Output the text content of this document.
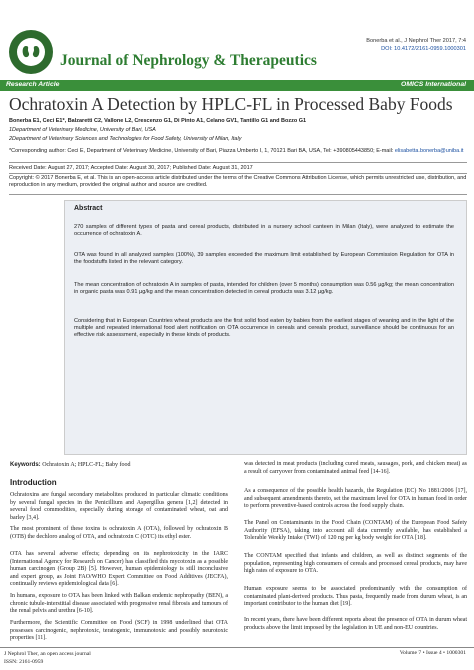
Journal of Nephrology & Therapeutics
Bonerba et al., J Nephrol Ther 2017, 7:4
DOI: 10.4172/2161-0959.1000301
Research Article	OMICS International
Ochratoxin A Detection by HPLC-FL in Processed Baby Foods
Bonerba E1, Ceci E1*, Balzaretti C2, Vallone L2, Crescenzo G1, Di Pinto A1, Celano GV1, Tantillo G1 and Bozzo G1
1Department of Veterinary Medicine, University of Bari, USA
2Department of Veterinary Sciences and Technologies for Food Safety, University of Milan, Italy
*Corresponding author: Ceci E, Department of Veterinary Medicine, University of Bari, Piazza Umberto I, 1, 70121 Bari BA, USA, Tel: +390805443850; E-mail: elisabetta.bonerba@uniba.it
Received Date: August 27, 2017; Accepted Date: August 30, 2017; Published Date: August 31, 2017
Copyright: © 2017 Bonerba E, et al. This is an open-access article distributed under the terms of the Creative Commons Attribution License, which permits unrestricted use, distribution, and reproduction in any medium, provided the original author and source are credited.
Abstract
270 samples of different types of pasta and cereal products, distributed in a nursery school canteen in Milan (Italy), were analyzed to estimate the occurrence of ochratoxin A.
OTA was found in all analyzed samples (100%), 39 samples exceeded the maximum limit established by European Commission Regulation for OTA in the foodstuffs listed in the relevant category.
The mean concentration of ochratoxin A in samples of pasta, intended for children (over 5 months) consumption was 0.56 µg/kg; the mean concentration in organic pasta was 0.91 µg/kg and the mean concentration detected in cereal products was 3.12 µg/kg.
Considering that in European Countries wheat products are the first solid food eaten by babies from the earliest stages of weaning and in the light of the multiple and repeated international food alert notification on OTA occurrence in cereals and cereals product, surveillance should be continuous for an effective risk assessment, especially in these kinds of products.
Keywords: Ochratoxin A; HPLC-FL; Baby food
Introduction
Ochratoxins are fungal secondary metabolites produced in particular climatic conditions by several fungal species in the Penicillium and Aspergillus genera [1,2] detected in several food commodities, especially during storage of contaminated wheat, oat and barley [3,4].
The most prominent of these toxins is ochratoxin A (OTA), followed by ochratoxin B (OTB) the dechloro analog of OTA, and ochratoxin C (OTC) its ethyl ester.
OTA has several adverse effects; depending on its nephrotoxicity in the IARC (International Agency for Research on Cancer) has classified this mycotoxin as a possible human carcinogen (Group 2B) [5]. However, human epidemiology is still inconclusive and expert group, as Joint FAO/WHO Expert Committee on Food Additives (JECFA), continually reviews epidemiological data [6].
In humans, exposure to OTA has been linked with Balkan endemic nephropathy (BEN), a chronic tubule-interstitial disease associated with progressive renal fibrosis and tumours of the renal pelvis and urethra [6-10].
Furthermore, the Scientific Committee on Food (SCF) in 1998 underlined that OTA possesses carcinogenic, nephrotoxic, teratogenic, immunotoxic and possibly neurotoxic properties [11].
was detected in meat products (including cured meats, sausages, pork, and chicken meat) as a result of carryover from contaminated animal feed [14-16].
As a consequence of the possible health hazards, the Regulation (EC) No 1881/2006 [17], and subsequent amendments thereto, set the maximum level for OTA in human food in order to perform preventive-based controls across the food supply chain.
The Panel on Contaminants in the Food Chain (CONTAM) of the European Food Safety Authority (EFSA), taking into account all data currently available, has established a Tolerable Weekly Intake (TWI) of 120 ng per kg body weight for OTA [18].
The CONTAM specified that infants and children, as well as distinct segments of the population, representing high consumers of cereals and processed cereal products, may have high rates of exposure to OTA.
Human exposure seems to be associated predominantly with the consumption of contaminated plant-derived products. Thus pasta, frequently made from durum wheat, is an important contributor to the human diet [19].
In recent years, there have been different reports about the presence of OTA in durum wheat products above the limit imposed by the legislation in UE and non-EU countries.
J Nephrol Ther, an open access journal
ISSN: 2161-0959
Volume 7 • Issue 4 • 1000301
